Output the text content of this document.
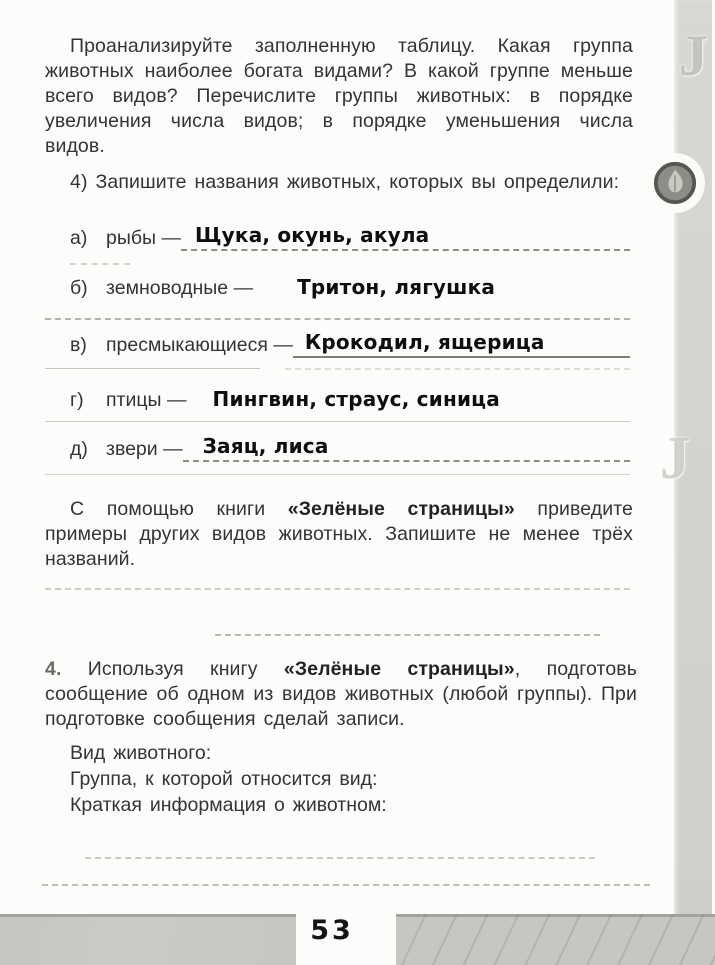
J
J

Проанализируйте заполненную таблицу. Какая группа животных наиболее богата видами? В какой группе меньше всего видов? Перечислите группы животных: в порядке увеличения числа видов; в порядке уменьшения числа видов.

4) Запишите названия животных, которых вы определили:

а) рыбы — Щука, окунь, акула
б) земноводные — Тритон, лягушка
в) пресмыкающиеся — Крокодил, ящерица
г)	птицы — Пингвин, страус, синица
д) звери — Заяц, лиса

С помощью книги «Зелёные страницы» приведите примеры других видов животных. Запишите не менее трёх названий.

4. Используя книгу «Зелёные страницы», подготовь сообщение об одном из видов животных (любой группы). При подготовке сообщения сделай записи.

Вид животного:

Группа, к которой относится вид:

Краткая информация о животном:

53
